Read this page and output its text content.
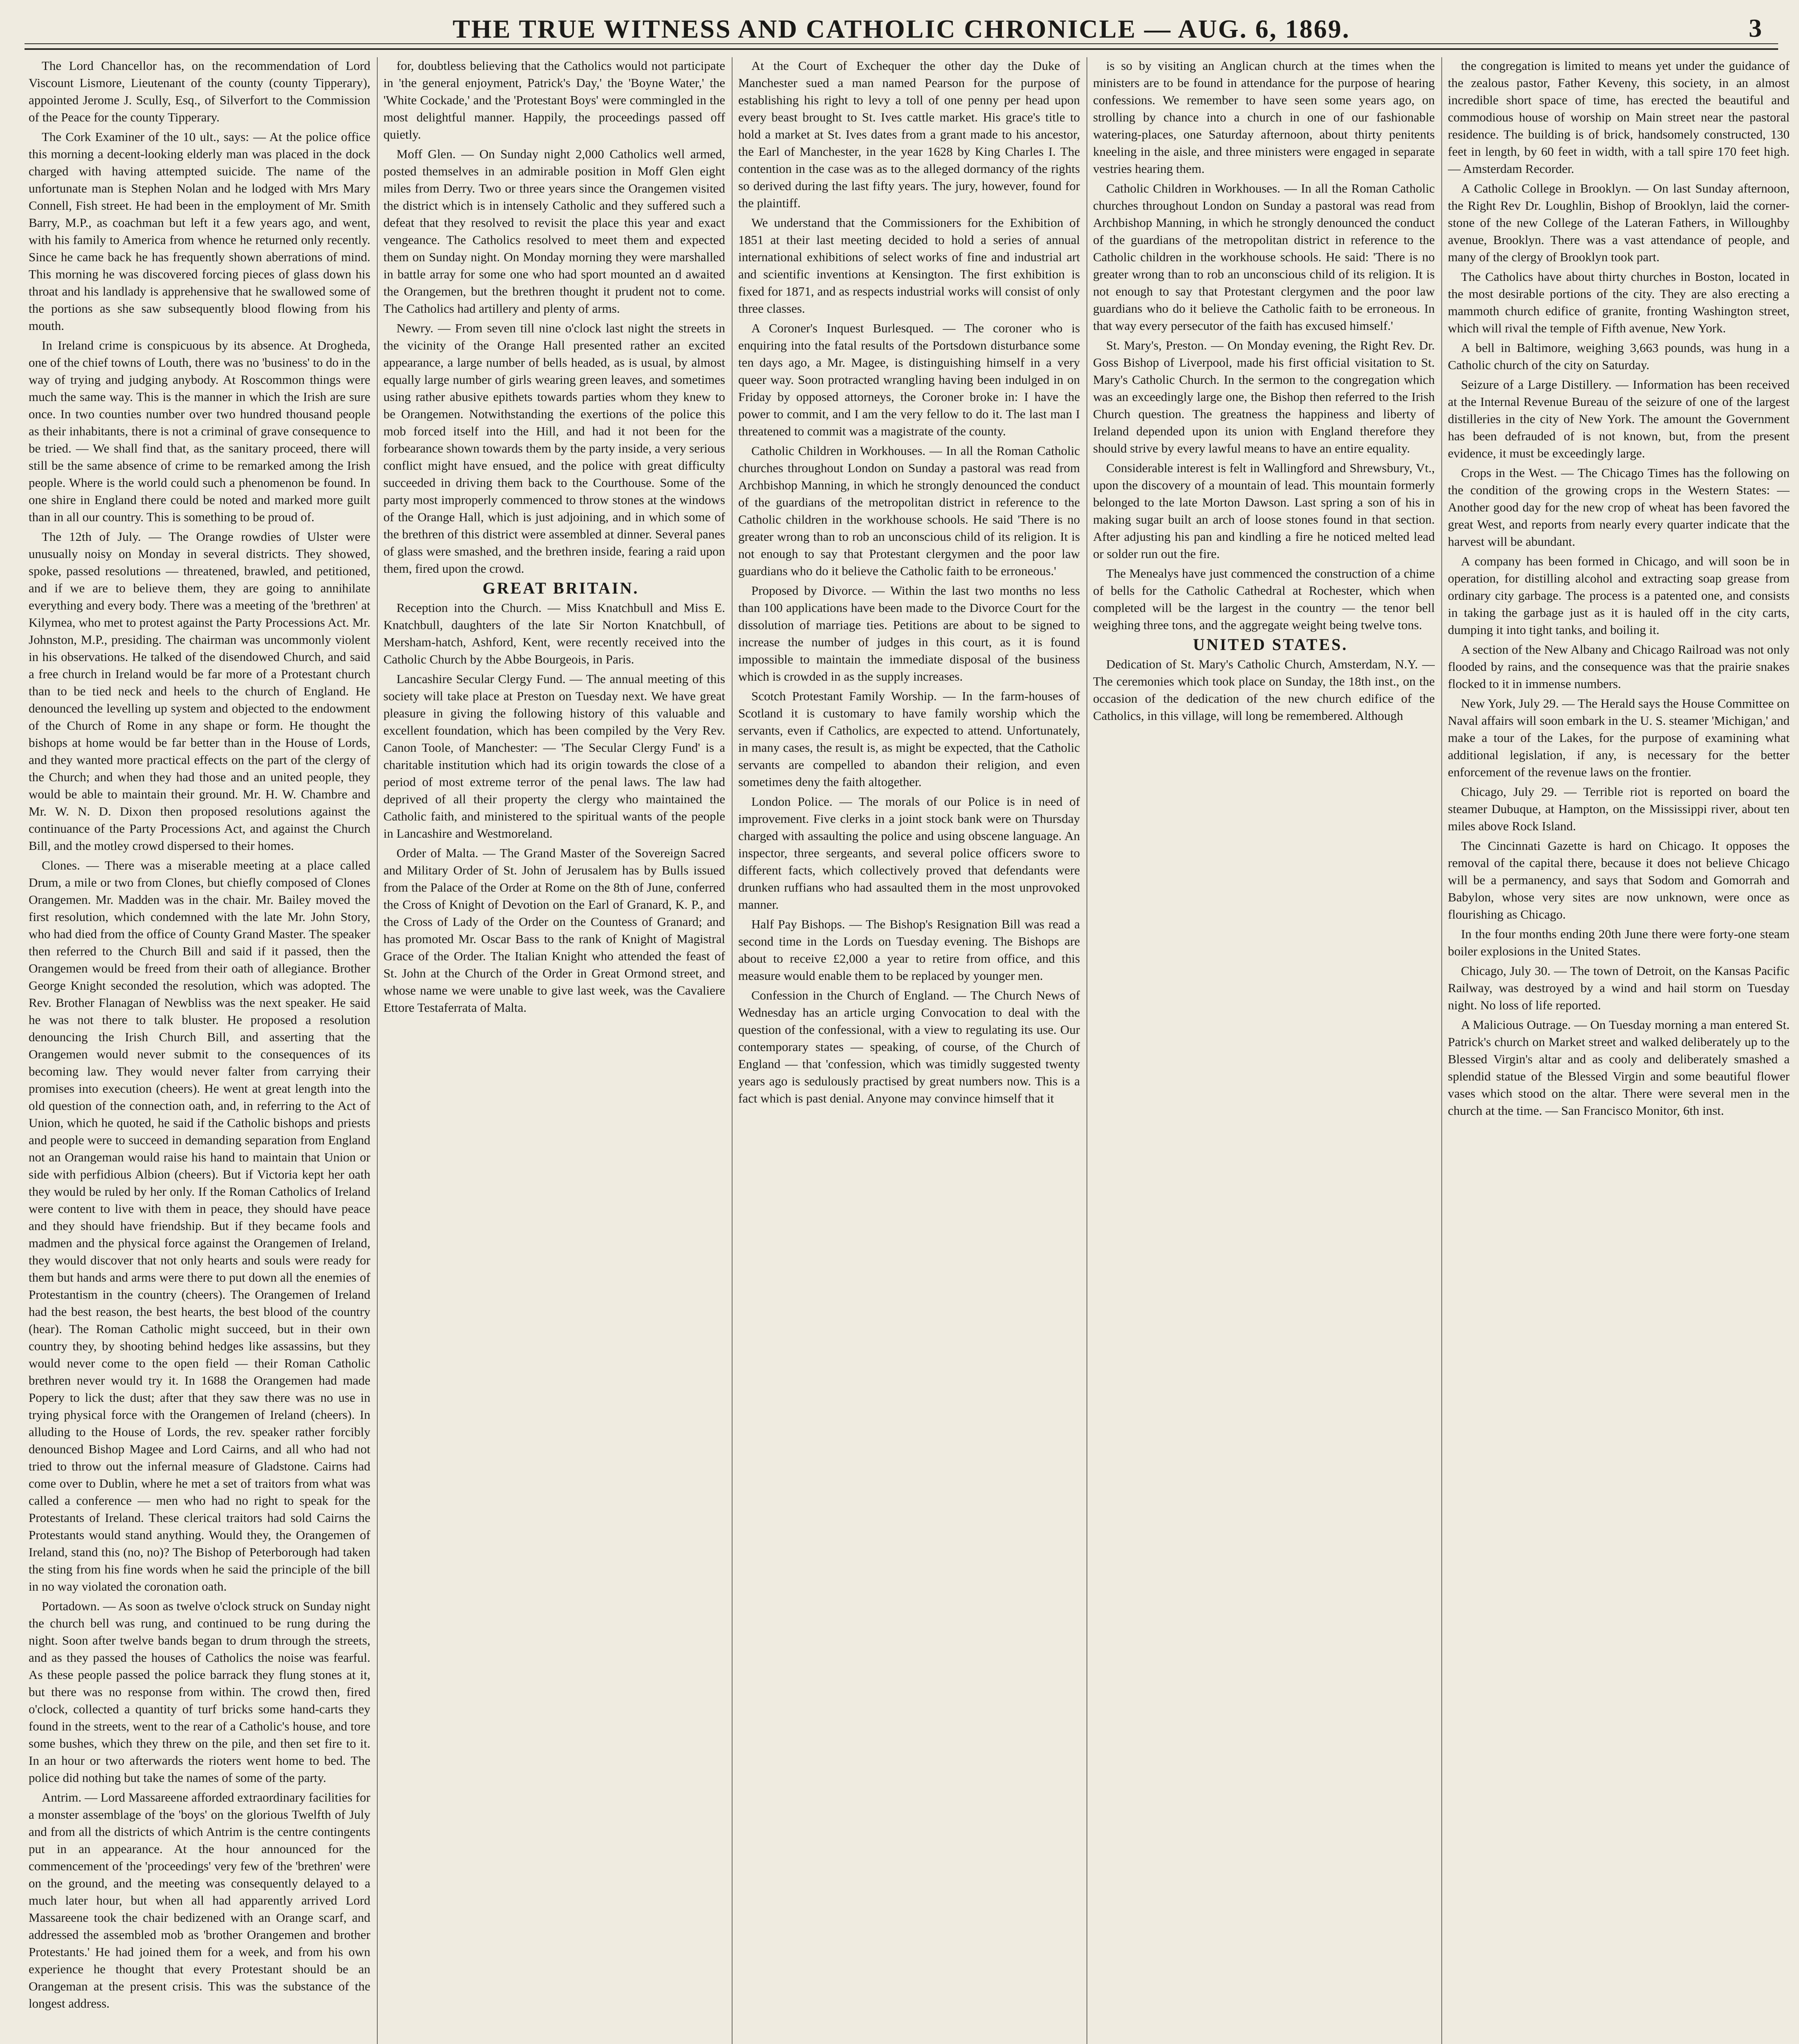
THE TRUE WITNESS AND CATHOLIC CHRONICLE — AUG. 6, 1869.	3

The Lord Chancellor has, on the recommendation of Lord Viscount Lismore, Lieutenant of the county (county Tipperary), appointed Jerome J. Scully, Esq., of Silverfort to the Commission of the Peace for the county Tipperary.

The Cork Examiner of the 10 ult., says: — At the police office this morning a decent-looking elderly man was placed in the dock charged with having attempted suicide. The name of the unfortunate man is Stephen Nolan and he lodged with Mrs Mary Connell, Fish street. He had been in the employment of Mr. Smith Barry, M.P., as coachman but left it a few years ago, and went, with his family to America from whence he returned only recently. Since he came back he has frequently shown aberrations of mind. This morning he was discovered forcing pieces of glass down his throat and his landlady is apprehensive that he swallowed some of the portions as she saw subsequently blood flowing from his mouth.

In Ireland crime is conspicuous by its absence. At Drogheda, one of the chief towns of Louth, there was no 'business' to do in the way of trying and judging anybody. At Roscommon things were much the same way. This is the manner in which the Irish are sure once. In two counties number over two hundred thousand people as their inhabitants, there is not a criminal of grave consequence to be tried. — We shall find that, as the sanitary proceed, there will still be the same absence of crime to be remarked among the Irish people. Where is the world could such a phenomenon be found. In one shire in England there could be noted and marked more guilt than in all our country. This is something to be proud of.

The 12th of July. — The Orange rowdies of Ulster were unusually noisy on Monday in several districts. They showed, spoke, passed resolutions — threatened, brawled, and petitioned, and if we are to believe them, they are going to annihilate everything and every body. There was a meeting of the 'brethren' at Kilymea, who met to protest against the Party Processions Act. Mr. Johnston, M.P., presiding. The chairman was uncommonly violent in his observations. He talked of the disendowed Church, and said a free church in Ireland would be far more of a Protestant church than to be tied neck and heels to the church of England. He denounced the levelling up system and objected to the endowment of the Church of Rome in any shape or form. He thought the bishops at home would be far better than in the House of Lords, and they wanted more practical effects on the part of the clergy of the Church; and when they had those and an united people, they would be able to maintain their ground. Mr. H. W. Chambre and Mr. W. N. D. Dixon then proposed resolutions against the continuance of the Party Processions Act, and against the Church Bill, and the motley crowd dispersed to their homes.

Clones. — There was a miserable meeting at a place called Drum, a mile or two from Clones, but chiefly composed of Clones Orangemen. Mr. Madden was in the chair. Mr. Bailey moved the first resolution, which condemned with the late Mr. John Story, who had died from the office of County Grand Master. The speaker then referred to the Church Bill and said if it passed, then the Orangemen would be freed from their oath of allegiance. Brother George Knight seconded the resolution, which was adopted. The Rev. Brother Flanagan of Newbliss was the next speaker. He said he was not there to talk bluster. He proposed a resolution denouncing the Irish Church Bill, and asserting that the Orangemen would never submit to the consequences of its becoming law. They would never falter from carrying their promises into execution (cheers). He went at great length into the old question of the connection oath, and, in referring to the Act of Union, which he quoted, he said if the Catholic bishops and priests and people were to succeed in demanding separation from England not an Orangeman would raise his hand to maintain that Union or side with perfidious Albion (cheers). But if Victoria kept her oath they would be ruled by her only. If the Roman Catholics of Ireland were content to live with them in peace, they should have peace and they should have friendship. But if they became fools and madmen and the physical force against the Orangemen of Ireland, they would discover that not only hearts and souls were ready for them but hands and arms were there to put down all the enemies of Protestantism in the country (cheers). The Orangemen of Ireland had the best reason, the best hearts, the best blood of the country (hear). The Roman Catholic might succeed, but in their own country they, by shooting behind hedges like assassins, but they would never come to the open field — their Roman Catholic brethren never would try it. In 1688 the Orangemen had made Popery to lick the dust; after that they saw there was no use in trying physical force with the Orangemen of Ireland (cheers). In alluding to the House of Lords, the rev. speaker rather forcibly denounced Bishop Magee and Lord Cairns, and all who had not tried to throw out the infernal measure of Gladstone. Cairns had come over to Dublin, where he met a set of traitors from what was called a conference — men who had no right to speak for the Protestants of Ireland. These clerical traitors had sold Cairns the Protestants would stand anything. Would they, the Orangemen of Ireland, stand this (no, no)? The Bishop of Peterborough had taken the sting from his fine words when he said the principle of the bill in no way violated the coronation oath.

Portadown. — As soon as twelve o'clock struck on Sunday night the church bell was rung, and continued to be rung during the night. Soon after twelve bands began to drum through the streets, and as they passed the houses of Catholics the noise was fearful. As these people passed the police barrack they flung stones at it, but there was no response from within. The crowd then, fired o'clock, collected a quantity of turf bricks some hand-carts they found in the streets, went to the rear of a Catholic's house, and tore some bushes, which they threw on the pile, and then set fire to it. In an hour or two afterwards the rioters went home to bed. The police did nothing but take the names of some of the party.

Antrim. — Lord Massareene afforded extraordinary facilities for a monster assemblage of the 'boys' on the glorious Twelfth of July and from all the districts of which Antrim is the centre contingents put in an appearance. At the hour announced for the commencement of the 'proceedings' very few of the 'brethren' were on the ground, and the meeting was consequently delayed to a much later hour, but when all had apparently arrived Lord Massareene took the chair bedizened with an Orange scarf, and addressed the assembled mob as 'brother Orangemen and brother Protestants.' He had joined them for a week, and from his own experience he thought that every Protestant should be an Orangeman at the present crisis. This was the substance of the longest address.

for, doubtless believing that the Catholics would not participate in 'the general enjoyment, Patrick's Day,' the 'Boyne Water,' the 'White Cockade,' and the 'Protestant Boys' were commingled in the most delightful manner. Happily, the proceedings passed off quietly.

Moff Glen. — On Sunday night 2,000 Catholics well armed, posted themselves in an admirable position in Moff Glen eight miles from Derry. Two or three years since the Orangemen visited the district which is in intensely Catholic and they suffered such a defeat that they resolved to revisit the place this year and exact vengeance. The Catholics resolved to meet them and expected them on Sunday night. On Monday morning they were marshalled in battle array for some one who had sport mounted an d awaited the Orangemen, but the brethren thought it prudent not to come. The Catholics had artillery and plenty of arms.

Newry. — From seven till nine o'clock last night the streets in the vicinity of the Orange Hall presented rather an excited appearance, a large number of bells headed, as is usual, by almost equally large number of girls wearing green leaves, and sometimes using rather abusive epithets towards parties whom they knew to be Orangemen. Notwithstanding the exertions of the police this mob forced itself into the Hill, and had it not been for the forbearance shown towards them by the party inside, a very serious conflict might have ensued, and the police with great difficulty succeeded in driving them back to the Courthouse. Some of the party most improperly commenced to throw stones at the windows of the Orange Hall, which is just adjoining, and in which some of the brethren of this district were assembled at dinner. Several panes of glass were smashed, and the brethren inside, fearing a raid upon them, fired upon the crowd.

GREAT BRITAIN.

Reception into the Church. — Miss Knatchbull and Miss E. Knatchbull, daughters of the late Sir Norton Knatchbull, of Mersham-hatch, Ashford, Kent, were recently received into the Catholic Church by the Abbe Bourgeois, in Paris.

Lancashire Secular Clergy Fund. — The annual meeting of this society will take place at Preston on Tuesday next. We have great pleasure in giving the following history of this valuable and excellent foundation, which has been compiled by the Very Rev. Canon Toole, of Manchester: — 'The Secular Clergy Fund' is a charitable institution which had its origin towards the close of a period of most extreme terror of the penal laws. The law had deprived of all their property the clergy who maintained the Catholic faith, and ministered to the spiritual wants of the people in Lancashire and Westmoreland.

Order of Malta. — The Grand Master of the Sovereign Sacred and Military Order of St. John of Jerusalem has by Bulls issued from the Palace of the Order at Rome on the 8th of June, conferred the Cross of Knight of Devotion on the Earl of Granard, K. P., and the Cross of Lady of the Order on the Countess of Granard; and has promoted Mr. Oscar Bass to the rank of Knight of Magistral Grace of the Order. The Italian Knight who attended the feast of St. John at the Church of the Order in Great Ormond street, and whose name we were unable to give last week, was the Cavaliere Ettore Testaferrata of Malta.

At the Court of Exchequer the other day the Duke of Manchester sued a man named Pearson for the purpose of establishing his right to levy a toll of one penny per head upon every beast brought to St. Ives cattle market. His grace's title to hold a market at St. Ives dates from a grant made to his ancestor, the Earl of Manchester, in the year 1628 by King Charles I. The contention in the case was as to the alleged dormancy of the rights so derived during the last fifty years. The jury, however, found for the plaintiff.

We understand that the Commissioners for the Exhibition of 1851 at their last meeting decided to hold a series of annual international exhibitions of select works of fine and industrial art and scientific inventions at Kensington. The first exhibition is fixed for 1871, and as respects industrial works will consist of only three classes.

A Coroner's Inquest Burlesqued. — The coroner who is enquiring into the fatal results of the Portsdown disturbance some ten days ago, a Mr. Magee, is distinguishing himself in a very queer way. Soon protracted wrangling having been indulged in on Friday by opposed attorneys, the Coroner broke in: I have the power to commit, and I am the very fellow to do it. The last man I threatened to commit was a magistrate of the county.

Catholic Children in Workhouses. — In all the Roman Catholic churches throughout London on Sunday a pastoral was read from Archbishop Manning, in which he strongly denounced the conduct of the guardians of the metropolitan district in reference to the Catholic children in the workhouse schools. He said 'There is no greater wrong than to rob an unconscious child of its religion. It is not enough to say that Protestant clergymen and the poor law guardians who do it believe the Catholic faith to be erroneous.'

Proposed by Divorce. — Within the last two months no less than 100 applications have been made to the Divorce Court for the dissolution of marriage ties. Petitions are about to be signed to increase the number of judges in this court, as it is found impossible to maintain the immediate disposal of the business which is crowded in as the supply increases.

Scotch Protestant Family Worship. — In the farm-houses of Scotland it is customary to have family worship which the servants, even if Catholics, are expected to attend. Unfortunately, in many cases, the result is, as might be expected, that the Catholic servants are compelled to abandon their religion, and even sometimes deny the faith altogether.

London Police. — The morals of our Police is in need of improvement. Five clerks in a joint stock bank were on Thursday charged with assaulting the police and using obscene language. An inspector, three sergeants, and several police officers swore to different facts, which collectively proved that defendants were drunken ruffians who had assaulted them in the most unprovoked manner.

Half Pay Bishops. — The Bishop's Resignation Bill was read a second time in the Lords on Tuesday evening. The Bishops are about to receive £2,000 a year to retire from office, and this measure would enable them to be replaced by younger men.

Confession in the Church of England. — The Church News of Wednesday has an article urging Convocation to deal with the question of the confessional, with a view to regulating its use. Our contemporary states — speaking, of course, of the Church of England — that 'confession, which was timidly suggested twenty years ago is sedulously practised by great numbers now. This is a fact which is past denial. Anyone may convince himself that it

is so by visiting an Anglican church at the times when the ministers are to be found in attendance for the purpose of hearing confessions. We remember to have seen some years ago, on strolling by chance into a church in one of our fashionable watering-places, one Saturday afternoon, about thirty penitents kneeling in the aisle, and three ministers were engaged in separate vestries hearing them.

Catholic Children in Workhouses. — In all the Roman Catholic churches throughout London on Sunday a pastoral was read from Archbishop Manning, in which he strongly denounced the conduct of the guardians of the metropolitan district in reference to the Catholic children in the workhouse schools. He said: 'There is no greater wrong than to rob an unconscious child of its religion. It is not enough to say that Protestant clergymen and the poor law guardians who do it believe the Catholic faith to be erroneous. In that way every persecutor of the faith has excused himself.'

St. Mary's, Preston. — On Monday evening, the Right Rev. Dr. Goss Bishop of Liverpool, made his first official visitation to St. Mary's Catholic Church. In the sermon to the congregation which was an exceedingly large one, the Bishop then referred to the Irish Church question. The greatness the happiness and liberty of Ireland depended upon its union with England therefore they should strive by every lawful means to have an entire equality.

Considerable interest is felt in Wallingford and Shrewsbury, Vt., upon the discovery of a mountain of lead. This mountain formerly belonged to the late Morton Dawson. Last spring a son of his in making sugar built an arch of loose stones found in that section. After adjusting his pan and kindling a fire he noticed melted lead or solder run out the fire.

The Menealys have just commenced the construction of a chime of bells for the Catholic Cathedral at Rochester, which when completed will be the largest in the country — the tenor bell weighing three tons, and the aggregate weight being twelve tons.

UNITED STATES.

Dedication of St. Mary's Catholic Church, Amsterdam, N.Y. — The ceremonies which took place on Sunday, the 18th inst., on the occasion of the dedication of the new church edifice of the Catholics, in this village, will long be remembered. Although

the congregation is limited to means yet under the guidance of the zealous pastor, Father Keveny, this society, in an almost incredible short space of time, has erected the beautiful and commodious house of worship on Main street near the pastoral residence. The building is of brick, handsomely constructed, 130 feet in length, by 60 feet in width, with a tall spire 170 feet high. — Amsterdam Recorder.

A Catholic College in Brooklyn. — On last Sunday afternoon, the Right Rev Dr. Loughlin, Bishop of Brooklyn, laid the corner-stone of the new College of the Lateran Fathers, in Willoughby avenue, Brooklyn. There was a vast attendance of people, and many of the clergy of Brooklyn took part.

The Catholics have about thirty churches in Boston, located in the most desirable portions of the city. They are also erecting a mammoth church edifice of granite, fronting Washington street, which will rival the temple of Fifth avenue, New York.

A bell in Baltimore, weighing 3,663 pounds, was hung in a Catholic church of the city on Saturday.

Seizure of a Large Distillery. — Information has been received at the Internal Revenue Bureau of the seizure of one of the largest distilleries in the city of New York. The amount the Government has been defrauded of is not known, but, from the present evidence, it must be exceedingly large.

Crops in the West. — The Chicago Times has the following on the condition of the growing crops in the Western States: — Another good day for the new crop of wheat has been favored the great West, and reports from nearly every quarter indicate that the harvest will be abundant.

A company has been formed in Chicago, and will soon be in operation, for distilling alcohol and extracting soap grease from ordinary city garbage. The process is a patented one, and consists in taking the garbage just as it is hauled off in the city carts, dumping it into tight tanks, and boiling it.

A section of the New Albany and Chicago Railroad was not only flooded by rains, and the consequence was that the prairie snakes flocked to it in immense numbers.

New York, July 29. — The Herald says the House Committee on Naval affairs will soon embark in the U. S. steamer 'Michigan,' and make a tour of the Lakes, for the purpose of examining what additional legislation, if any, is necessary for the better enforcement of the revenue laws on the frontier.

Chicago, July 29. — Terrible riot is reported on board the steamer Dubuque, at Hampton, on the Mississippi river, about ten miles above Rock Island.

The Cincinnati Gazette is hard on Chicago. It opposes the removal of the capital there, because it does not believe Chicago will be a permanency, and says that Sodom and Gomorrah and Babylon, whose very sites are now unknown, were once as flourishing as Chicago.

In the four months ending 20th June there were forty-one steam boiler explosions in the United States.

Chicago, July 30. — The town of Detroit, on the Kansas Pacific Railway, was destroyed by a wind and hail storm on Tuesday night. No loss of life reported.

A Malicious Outrage. — On Tuesday morning a man entered St. Patrick's church on Market street and walked deliberately up to the Blessed Virgin's altar and as cooly and deliberately smashed a splendid statue of the Blessed Virgin and some beautiful flower vases which stood on the altar. There were several men in the church at the time. — San Francisco Monitor, 6th inst.
